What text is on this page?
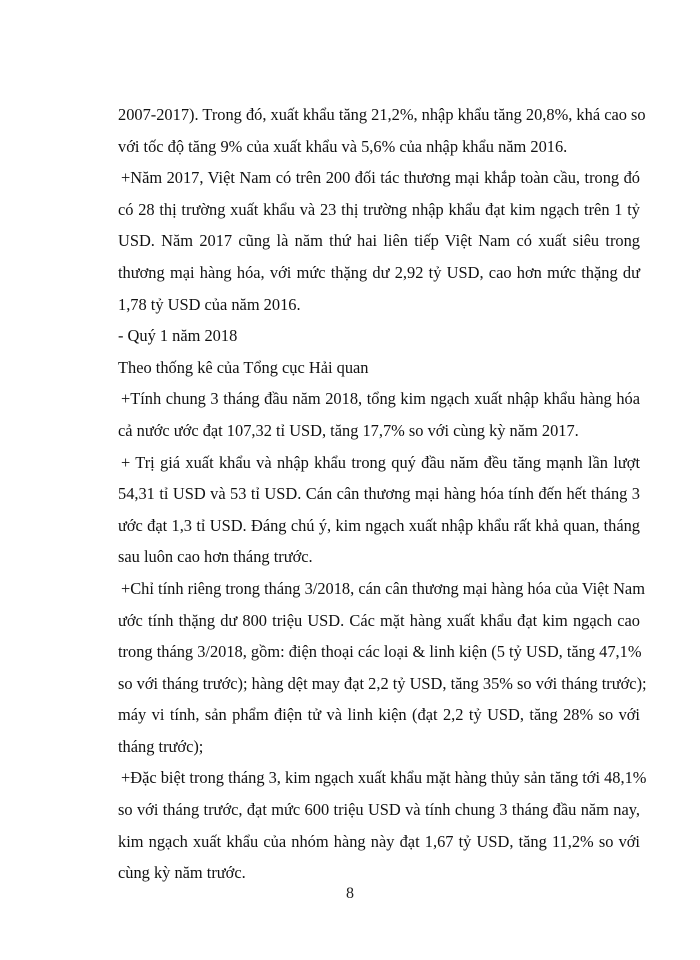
2007-2017). Trong đó, xuất khẩu tăng 21,2%, nhập khẩu tăng 20,8%, khá cao so
với tốc độ tăng 9% của xuất khẩu và 5,6% của nhập khẩu năm 2016.
+Năm 2017, Việt Nam có trên 200 đối tác thương mại khắp toàn cầu, trong đó
có 28 thị trường xuất khẩu và 23 thị trường nhập khẩu đạt kim ngạch trên 1 tỷ
USD. Năm 2017 cũng là năm thứ hai liên tiếp Việt Nam có xuất siêu trong
thương mại hàng hóa, với mức thặng dư 2,92 tỷ USD, cao hơn mức thặng dư
1,78 tỷ USD của năm 2016.
- Quý 1 năm 2018
Theo thống kê của Tổng cục Hải quan
+Tính chung 3 tháng đầu năm 2018, tổng kim ngạch xuất nhập khẩu hàng hóa
cả nước ước đạt 107,32 tỉ USD, tăng 17,7% so với cùng kỳ năm 2017.
+ Trị giá xuất khẩu và nhập khẩu trong quý đầu năm đều tăng mạnh lần lượt
54,31 tỉ USD và 53 tỉ USD. Cán cân thương mại hàng hóa tính đến hết tháng 3
ước đạt 1,3 tỉ USD. Đáng chú ý, kim ngạch xuất nhập khẩu rất khả quan, tháng
sau luôn cao hơn tháng trước.
+Chỉ tính riêng trong tháng 3/2018, cán cân thương mại hàng hóa của Việt Nam
ước tính thặng dư 800 triệu USD. Các mặt hàng xuất khẩu đạt kim ngạch cao
trong tháng 3/2018, gồm: điện thoại các loại & linh kiện (5 tỷ USD, tăng 47,1%
so với tháng trước); hàng dệt may đạt 2,2 tỷ USD, tăng 35% so với tháng trước);
máy vi tính, sản phẩm điện tử và linh kiện (đạt 2,2 tỷ USD, tăng 28% so với
tháng trước);
+Đặc biệt trong tháng 3, kim ngạch xuất khẩu mặt hàng thủy sản tăng tới 48,1%
so với tháng trước, đạt mức 600 triệu USD và tính chung 3 tháng đầu năm nay,
kim ngạch xuất khẩu của nhóm hàng này đạt 1,67 tỷ USD, tăng 11,2% so với
cùng kỳ năm trước.
8
